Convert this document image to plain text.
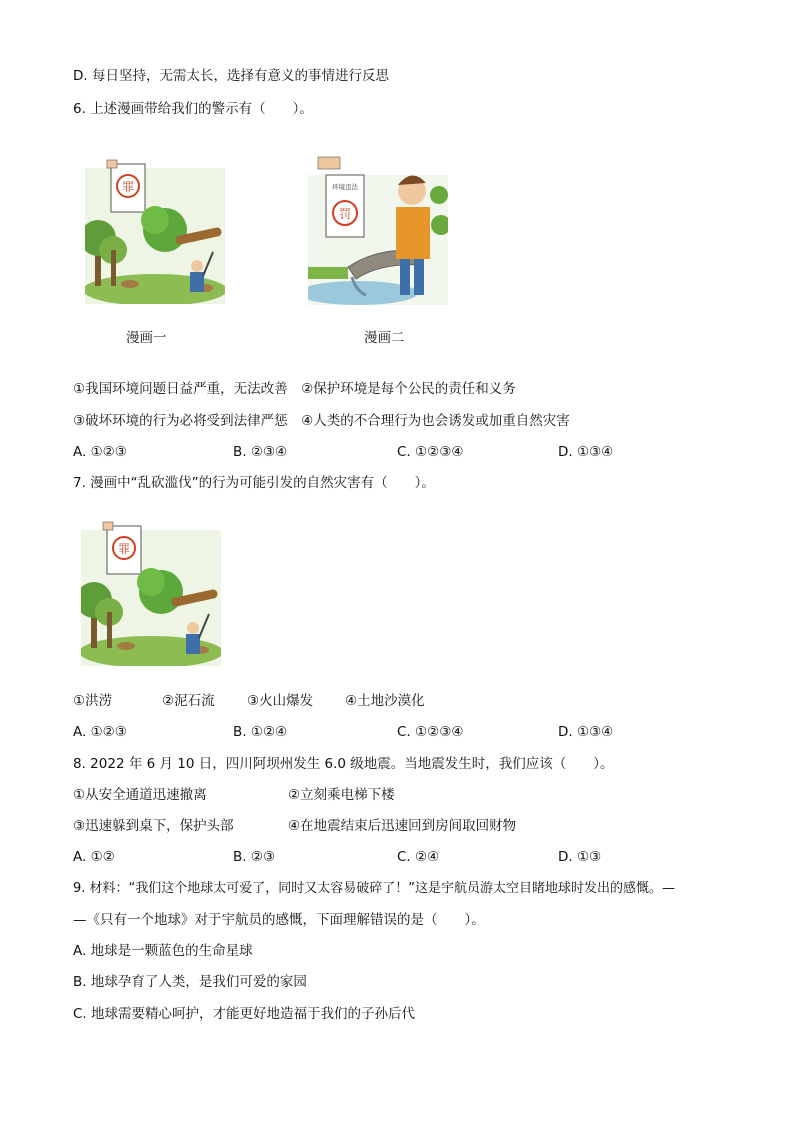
D. 每日坚持，无需太长，选择有意义的事情进行反思
6. 上述漫画带给我们的警示有（　　）。
罪
漫画一
环境违法
罚
漫画二
①我国环境问题日益严重，无法改善　②保护环境是每个公民的责任和义务
③破坏环境的行为必将受到法律严惩　④人类的不合理行为也会诱发或加重自然灾害
A. ①②③	B. ②③④	C. ①②③④	D. ①③④
7. 漫画中“乱砍滥伐”的行为可能引发的自然灾害有（　　）。
罪
①洪涝	②泥石流 ③火山爆发 ④土地沙漠化
A. ①②③	B. ①②④	C. ①②③④	D. ①③④
8. 2022 年 6 月 10 日，四川阿坝州发生 6.0 级地震。当地震发生时，我们应该（　　）。
①从安全通道迅速撤离	②立刻乘电梯下楼
③迅速躲到桌下，保护头部	④在地震结束后迅速回到房间取回财物
A. ①②	B. ②③	C. ②④	D. ①③
9. 材料：“我们这个地球太可爱了，同时又太容易破碎了！”这是宇航员游太空目睹地球时发出的感慨。—
—《只有一个地球》对于宇航员的感慨，下面理解错误的是（　　）。
A. 地球是一颗蓝色的生命星球
B. 地球孕育了人类，是我们可爱的家园
C. 地球需要精心呵护，才能更好地造福于我们的子孙后代
